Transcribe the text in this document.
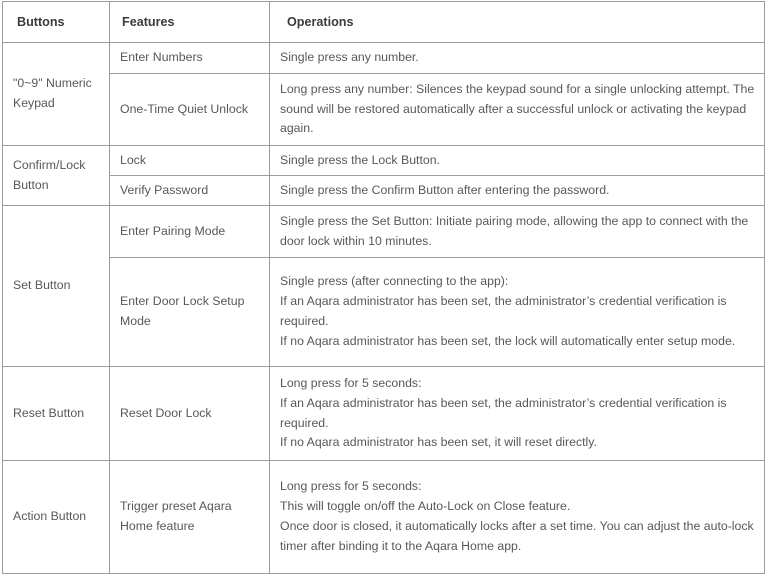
Buttons	Features	Operations
"0~9" Numeric Keypad	Enter Numbers	Single press any number.

	One-Time Quiet Unlock	Long press any number: Silences the keypad sound for a single unlocking attempt. The sound will be restored automatically after a successful unlock or activating the keypad again.

Confirm/Lock Button	Lock	Single press the Lock Button.

	Verify Password	Single press the Confirm Button after entering the password.

Set Button	Enter Pairing Mode	Single press the Set Button: Initiate pairing mode, allowing the app to connect with the door lock within 10 minutes.

	Enter Door Lock Setup Mode	Single press (after connecting to the app):
If an Aqara administrator has been set, the administrator’s credential verification is required.
If no Aqara administrator has been set, the lock will automatically enter setup mode.

Reset Button	Reset Door Lock	Long press for 5 seconds:
If an Aqara administrator has been set, the administrator’s credential verification is required.
If no Aqara administrator has been set, it will reset directly.

Action Button	Trigger preset Aqara Home feature	Long press for 5 seconds:
This will toggle on/off the Auto-Lock on Close feature.
Once door is closed, it automatically locks after a set time. You can adjust the auto-lock timer after binding it to the Aqara Home app.
